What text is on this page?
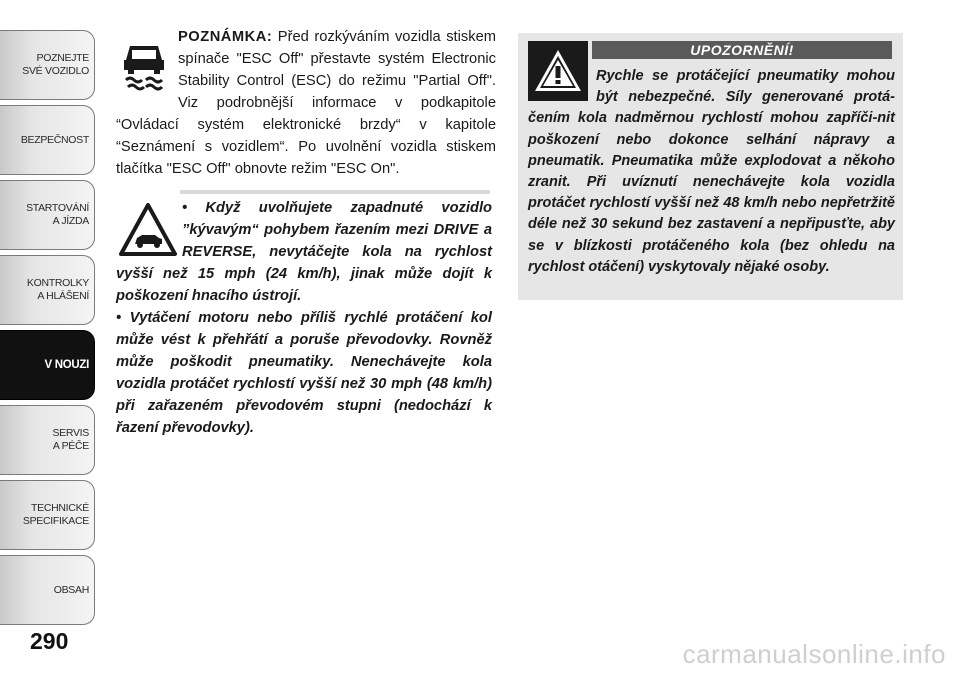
POZNEJTE
SVÉ VOZIDLO
BEZPEČNOST
STARTOVÁNÍ
A JÍZDA
KONTROLKY
A HLÁŠENÍ
V NOUZI
SERVIS
A PÉČE
TECHNICKÉ
SPECIFIKACE
OBSAH
290

POZNÁMKA: Před rozkýváním vozidla stiskem spínače "ESC Off" přestavte systém Electronic Stability Control (ESC) do režimu "Partial Off". Viz podrobnější informace v podkapitole “Ovládací systém elektronické brzdy“ v kapitole “Seznámení s vozidlem“. Po uvolnění vozidla stiskem tlačítka "ESC Off" obnovte režim "ESC On".

• Když uvolňujete zapadnuté vozidlo ”kývavým“ pohybem řazením mezi DRIVE a REVERSE, nevytáčejte kola na rychlost vyšší než 15 mph (24 km/h), jinak může dojít k poškození hnacího ústrojí.

• Vytáčení motoru nebo příliš rychlé protáčení kol může vést k přehřátí a poruše převodovky. Rovněž může poškodit pneumatiky. Nenechávejte kola vozidla protáčet rychlostí vyšší než 30 mph (48 km/h) při zařazeném převodovém stupni (nedochází k řazení převodovky).

UPOZORNĚNÍ!

Rychle se protáčející pneumatiky mohou být nebezpečné. Síly generované protá-čením kola nadměrnou rychlostí mohou zapříči-nit poškození nebo dokonce selhání nápravy a pneumatik. Pneumatika může explodovat a někoho zranit. Při uvíznutí nenechávejte kola vozidla protáčet rychlostí vyšší než 48 km/h nebo nepřetržitě déle než 30 sekund bez zastavení a nepřipusťte, aby se v blízkosti protáčeného kola (bez ohledu na rychlost otáčení) vyskytovaly nějaké osoby.

carmanualsonline.info
